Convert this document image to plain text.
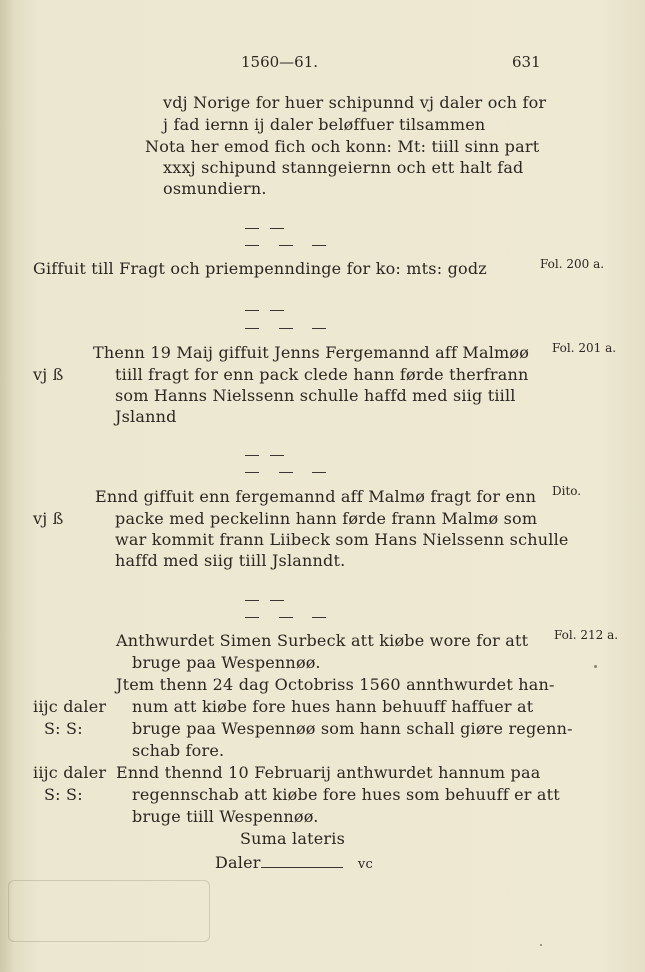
1560—61.	631
vdj Norige for huer schipunnd vj daler och for
j fad iernn ij daler beløffuer tilsammen
Nota her emod fich och konn: Mt: tiill sinn part
xxxj schipund stanngeiernn och ett halt fad
osmundiern.
Giffuit till Fragt och priempenndinge for ko: mts: godz	Fol. 200 a.
Thenn 19 Maij giffuit Jenns Fergemannd aff Malmøø Fol. 201 a.
vj ß	tiill fragt for enn pack clede hann førde therfrann
som Hanns Nielssenn schulle haffd med siig tiill
Jslannd
Ennd giffuit enn fergemannd aff Malmø fragt for enn Dito.
vj ß	packe med peckelinn hann førde frann Malmø som
war kommit frann Liibeck som Hans Nielssenn schulle
haffd med siig tiill Jslanndt.
Anthwurdet Simen Surbeck att kiøbe wore for att Fol. 212 a.
bruge paa Wespennøø.
Jtem thenn 24 dag Octobriss 1560 annthwurdet han-
iijc daler num att kiøbe fore hues hann behuuff haffuer at
S: S:	bruge paa Wespennøø som hann schall giøre regenn-
schab fore.
iijc daler Ennd thennd 10 Februarij anthwurdet hannum paa
S: S:	regennschab att kiøbe fore hues som behuuff er att
bruge tiill Wespennøø.
Suma lateris
Daler	vc
